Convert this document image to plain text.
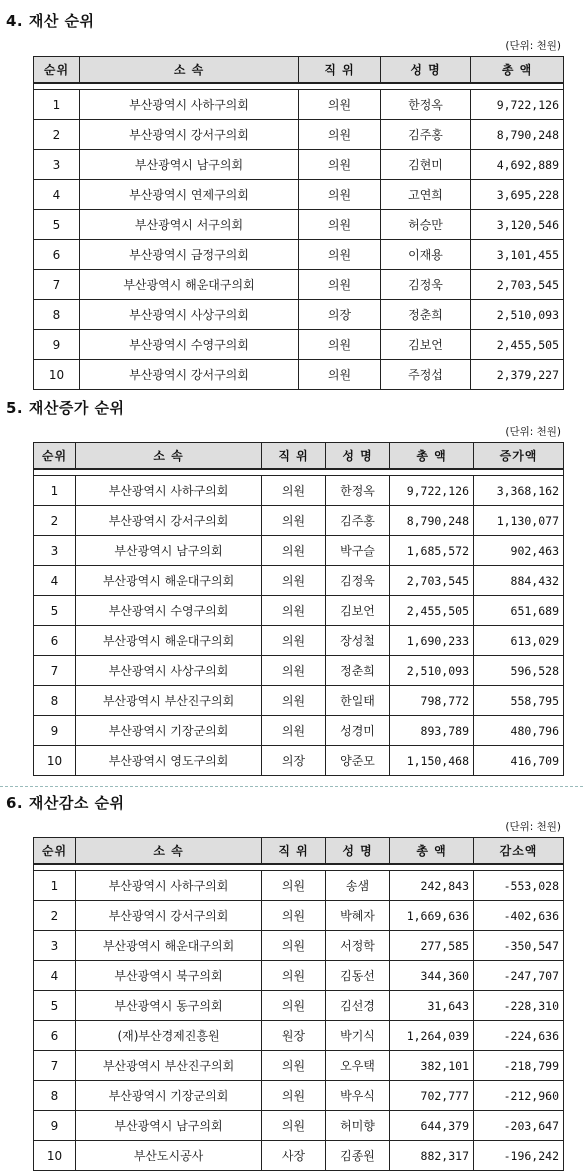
4. 재산 순위
(단위: 천원)
순위	소 속	직 위	성 명	총 액

1	부산광역시 사하구의회	의원	한정옥	9,722,126
2	부산광역시 강서구의회	의원	김주홍	8,790,248
3	부산광역시 남구의회	의원	김현미	4,692,889
4	부산광역시 연제구의회	의원	고연희	3,695,228
5	부산광역시 서구의회	의원	허승만	3,120,546
6	부산광역시 금정구의회	의원	이재용	3,101,455
7	부산광역시 해운대구의회	의원	김정욱	2,703,545
8	부산광역시 사상구의회	의장	정춘희	2,510,093
9	부산광역시 수영구의회	의원	김보언	2,455,505
10	부산광역시 강서구의회	의원	주정섭	2,379,227
5. 재산증가 순위
(단위: 천원)
순위	소 속	직 위	성 명	총 액	증가액

1	부산광역시 사하구의회	의원	한정옥	9,722,126	3,368,162
2	부산광역시 강서구의회	의원	김주홍	8,790,248	1,130,077
3	부산광역시 남구의회	의원	박구슬	1,685,572	902,463
4	부산광역시 해운대구의회	의원	김정욱	2,703,545	884,432
5	부산광역시 수영구의회	의원	김보언	2,455,505	651,689
6	부산광역시 해운대구의회	의원	장성철	1,690,233	613,029
7	부산광역시 사상구의회	의원	정춘희	2,510,093	596,528
8	부산광역시 부산진구의회	의원	한일태	798,772	558,795
9	부산광역시 기장군의회	의원	성경미	893,789	480,796
10	부산광역시 영도구의회	의장	양준모	1,150,468	416,709
6. 재산감소 순위
(단위: 천원)
순위	소 속	직 위	성 명	총 액	감소액

1	부산광역시 사하구의회	의원	송샘	242,843	-553,028
2	부산광역시 강서구의회	의원	박혜자	1,669,636	-402,636
3	부산광역시 해운대구의회	의원	서정학	277,585	-350,547
4	부산광역시 북구의회	의원	김동선	344,360	-247,707
5	부산광역시 동구의회	의원	김선경	31,643	-228,310
6	(재)부산경제진흥원	원장	박기식	1,264,039	-224,636
7	부산광역시 부산진구의회	의원	오우택	382,101	-218,799
8	부산광역시 기장군의회	의원	박우식	702,777	-212,960
9	부산광역시 남구의회	의원	허미향	644,379	-203,647
10	부산도시공사	사장	김종원	882,317	-196,242
